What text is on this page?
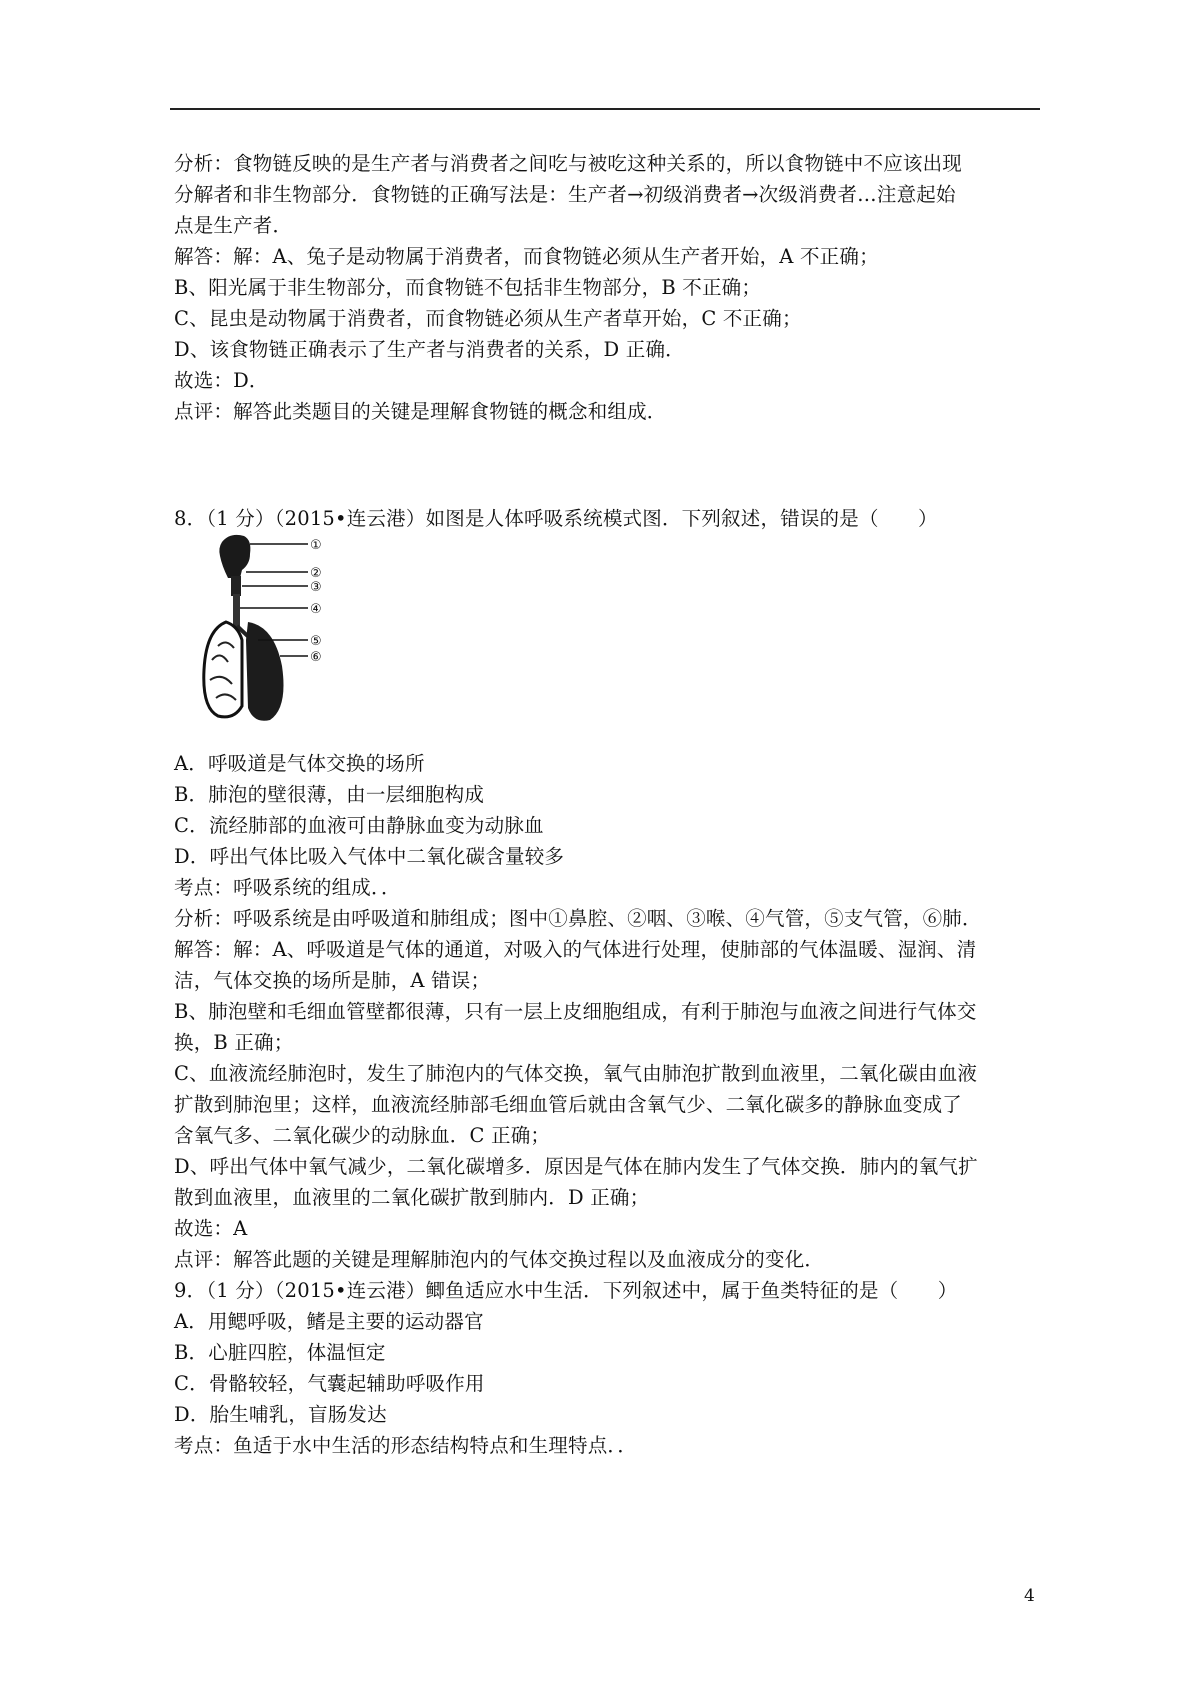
分析：食物链反映的是生产者与消费者之间吃与被吃这种关系的，所以食物链中不应该出现
分解者和非生物部分．食物链的正确写法是：生产者→初级消费者→次级消费者…注意起始
点是生产者．
解答：解：A、兔子是动物属于消费者，而食物链必须从生产者开始，A 不正确；
B、阳光属于非生物部分，而食物链不包括非生物部分，B 不正确；
C、昆虫是动物属于消费者，而食物链必须从生产者草开始，C 不正确；
D、该食物链正确表示了生产者与消费者的关系，D 正确．
故选：D．
点评：解答此类题目的关键是理解食物链的概念和组成．
8．（1 分）（2015•连云港）如图是人体呼吸系统模式图．下列叙述，错误的是（　　）
A．呼吸道是气体交换的场所
B．肺泡的壁很薄，由一层细胞构成
C．流经肺部的血液可由静脉血变为动脉血
D．呼出气体比吸入气体中二氧化碳含量较多
考点：呼吸系统的组成．．
分析：呼吸系统是由呼吸道和肺组成；图中①鼻腔、②咽、③喉、④气管，⑤支气管，⑥肺．
解答：解：A、呼吸道是气体的通道，对吸入的气体进行处理，使肺部的气体温暖、湿润、清
洁，气体交换的场所是肺，A 错误；
B、肺泡壁和毛细血管壁都很薄，只有一层上皮细胞组成，有利于肺泡与血液之间进行气体交
换，B 正确；
C、血液流经肺泡时，发生了肺泡内的气体交换，氧气由肺泡扩散到血液里，二氧化碳由血液
扩散到肺泡里；这样，血液流经肺部毛细血管后就由含氧气少、二氧化碳多的静脉血变成了
含氧气多、二氧化碳少的动脉血．C 正确；
D、呼出气体中氧气减少，二氧化碳增多．原因是气体在肺内发生了气体交换．肺内的氧气扩
散到血液里，血液里的二氧化碳扩散到肺内．D 正确；
故选：A
点评：解答此题的关键是理解肺泡内的气体交换过程以及血液成分的变化．
9．（1 分）（2015•连云港）鲫鱼适应水中生活．下列叙述中，属于鱼类特征的是（　　）
A．用鳃呼吸，鳍是主要的运动器官
B．心脏四腔，体温恒定
C．骨骼较轻，气囊起辅助呼吸作用
D．胎生哺乳，盲肠发达
考点：鱼适于水中生活的形态结构特点和生理特点．．
①
②
③
④
⑤
⑥
4
